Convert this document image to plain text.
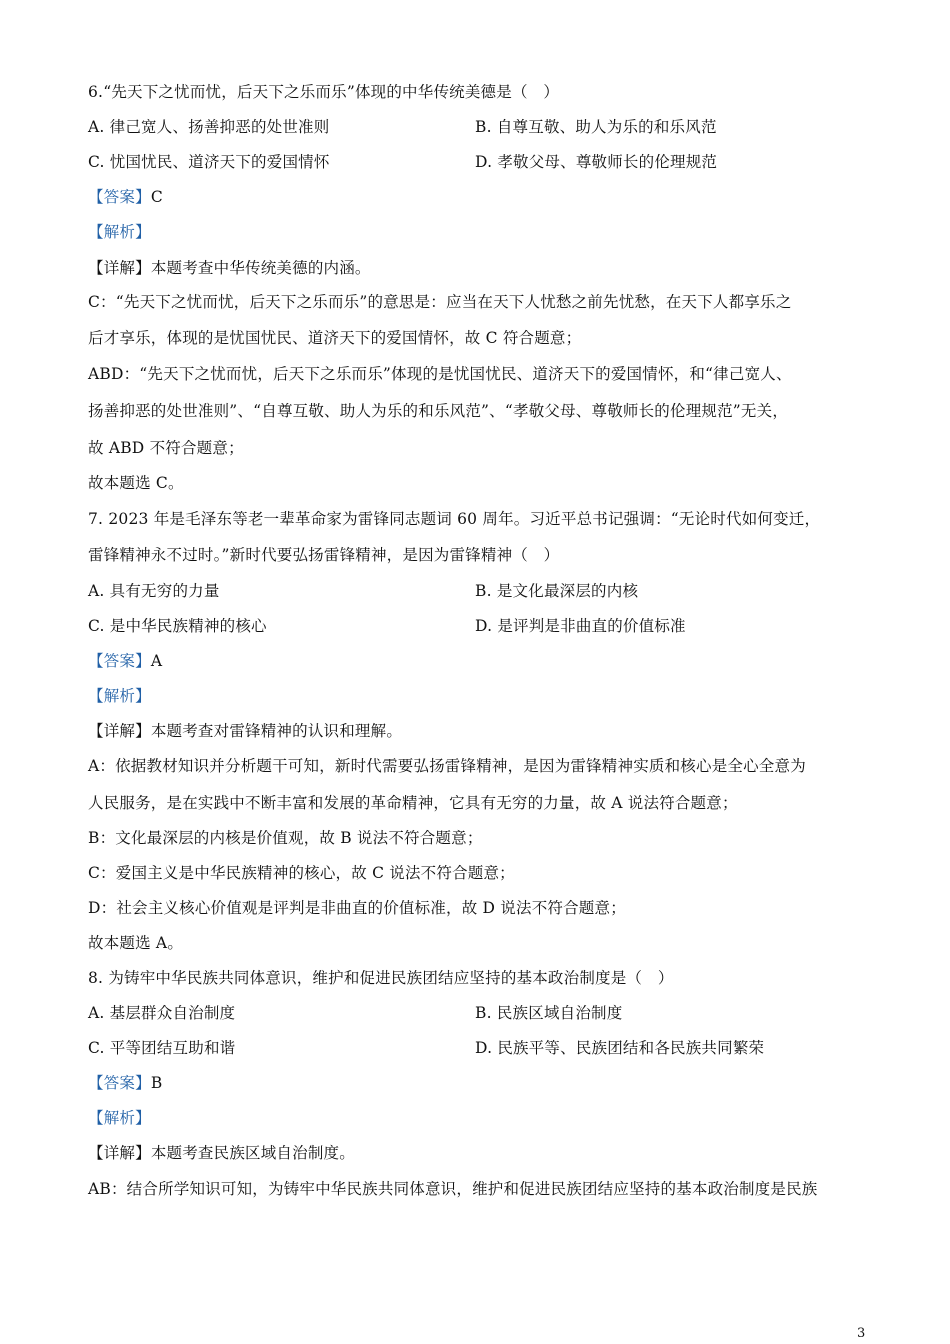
6.“先天下之忧而忧，后天下之乐而乐”体现的中华传统美德是（　）
A. 律己宽人、扬善抑恶的处世准则	B. 自尊互敬、助人为乐的和乐风范
C. 忧国忧民、道济天下的爱国情怀	D. 孝敬父母、尊敬师长的伦理规范
【答案】C
【解析】
【详解】本题考查中华传统美德的内涵。
C：“先天下之忧而忧，后天下之乐而乐”的意思是：应当在天下人忧愁之前先忧愁，在天下人都享乐之
后才享乐，体现的是忧国忧民、道济天下的爱国情怀，故 C 符合题意；
ABD：“先天下之忧而忧，后天下之乐而乐”体现的是忧国忧民、道济天下的爱国情怀，和“律己宽人、
扬善抑恶的处世准则”、“自尊互敬、助人为乐的和乐风范”、“孝敬父母、尊敬师长的伦理规范”无关，
故 ABD 不符合题意；
故本题选 C。
7. 2023 年是毛泽东等老一辈革命家为雷锋同志题词 60 周年。习近平总书记强调：“无论时代如何变迁，
雷锋精神永不过时。”新时代要弘扬雷锋精神，是因为雷锋精神（　）
A. 具有无穷的力量	B. 是文化最深层的内核
C. 是中华民族精神的核心	D. 是评判是非曲直的价值标准
【答案】A
【解析】
【详解】本题考查对雷锋精神的认识和理解。
A：依据教材知识并分析题干可知，新时代需要弘扬雷锋精神，是因为雷锋精神实质和核心是全心全意为
人民服务，是在实践中不断丰富和发展的革命精神，它具有无穷的力量，故 A 说法符合题意；
B：文化最深层的内核是价值观，故 B 说法不符合题意；
C：爱国主义是中华民族精神的核心，故 C 说法不符合题意；
D：社会主义核心价值观是评判是非曲直的价值标准，故 D 说法不符合题意；
故本题选 A。
8. 为铸牢中华民族共同体意识，维护和促进民族团结应坚持的基本政治制度是（　）
A. 基层群众自治制度	B. 民族区域自治制度
C. 平等团结互助和谐	D. 民族平等、民族团结和各民族共同繁荣
【答案】B
【解析】
【详解】本题考查民族区域自治制度。
AB：结合所学知识可知，为铸牢中华民族共同体意识，维护和促进民族团结应坚持的基本政治制度是民族
3
